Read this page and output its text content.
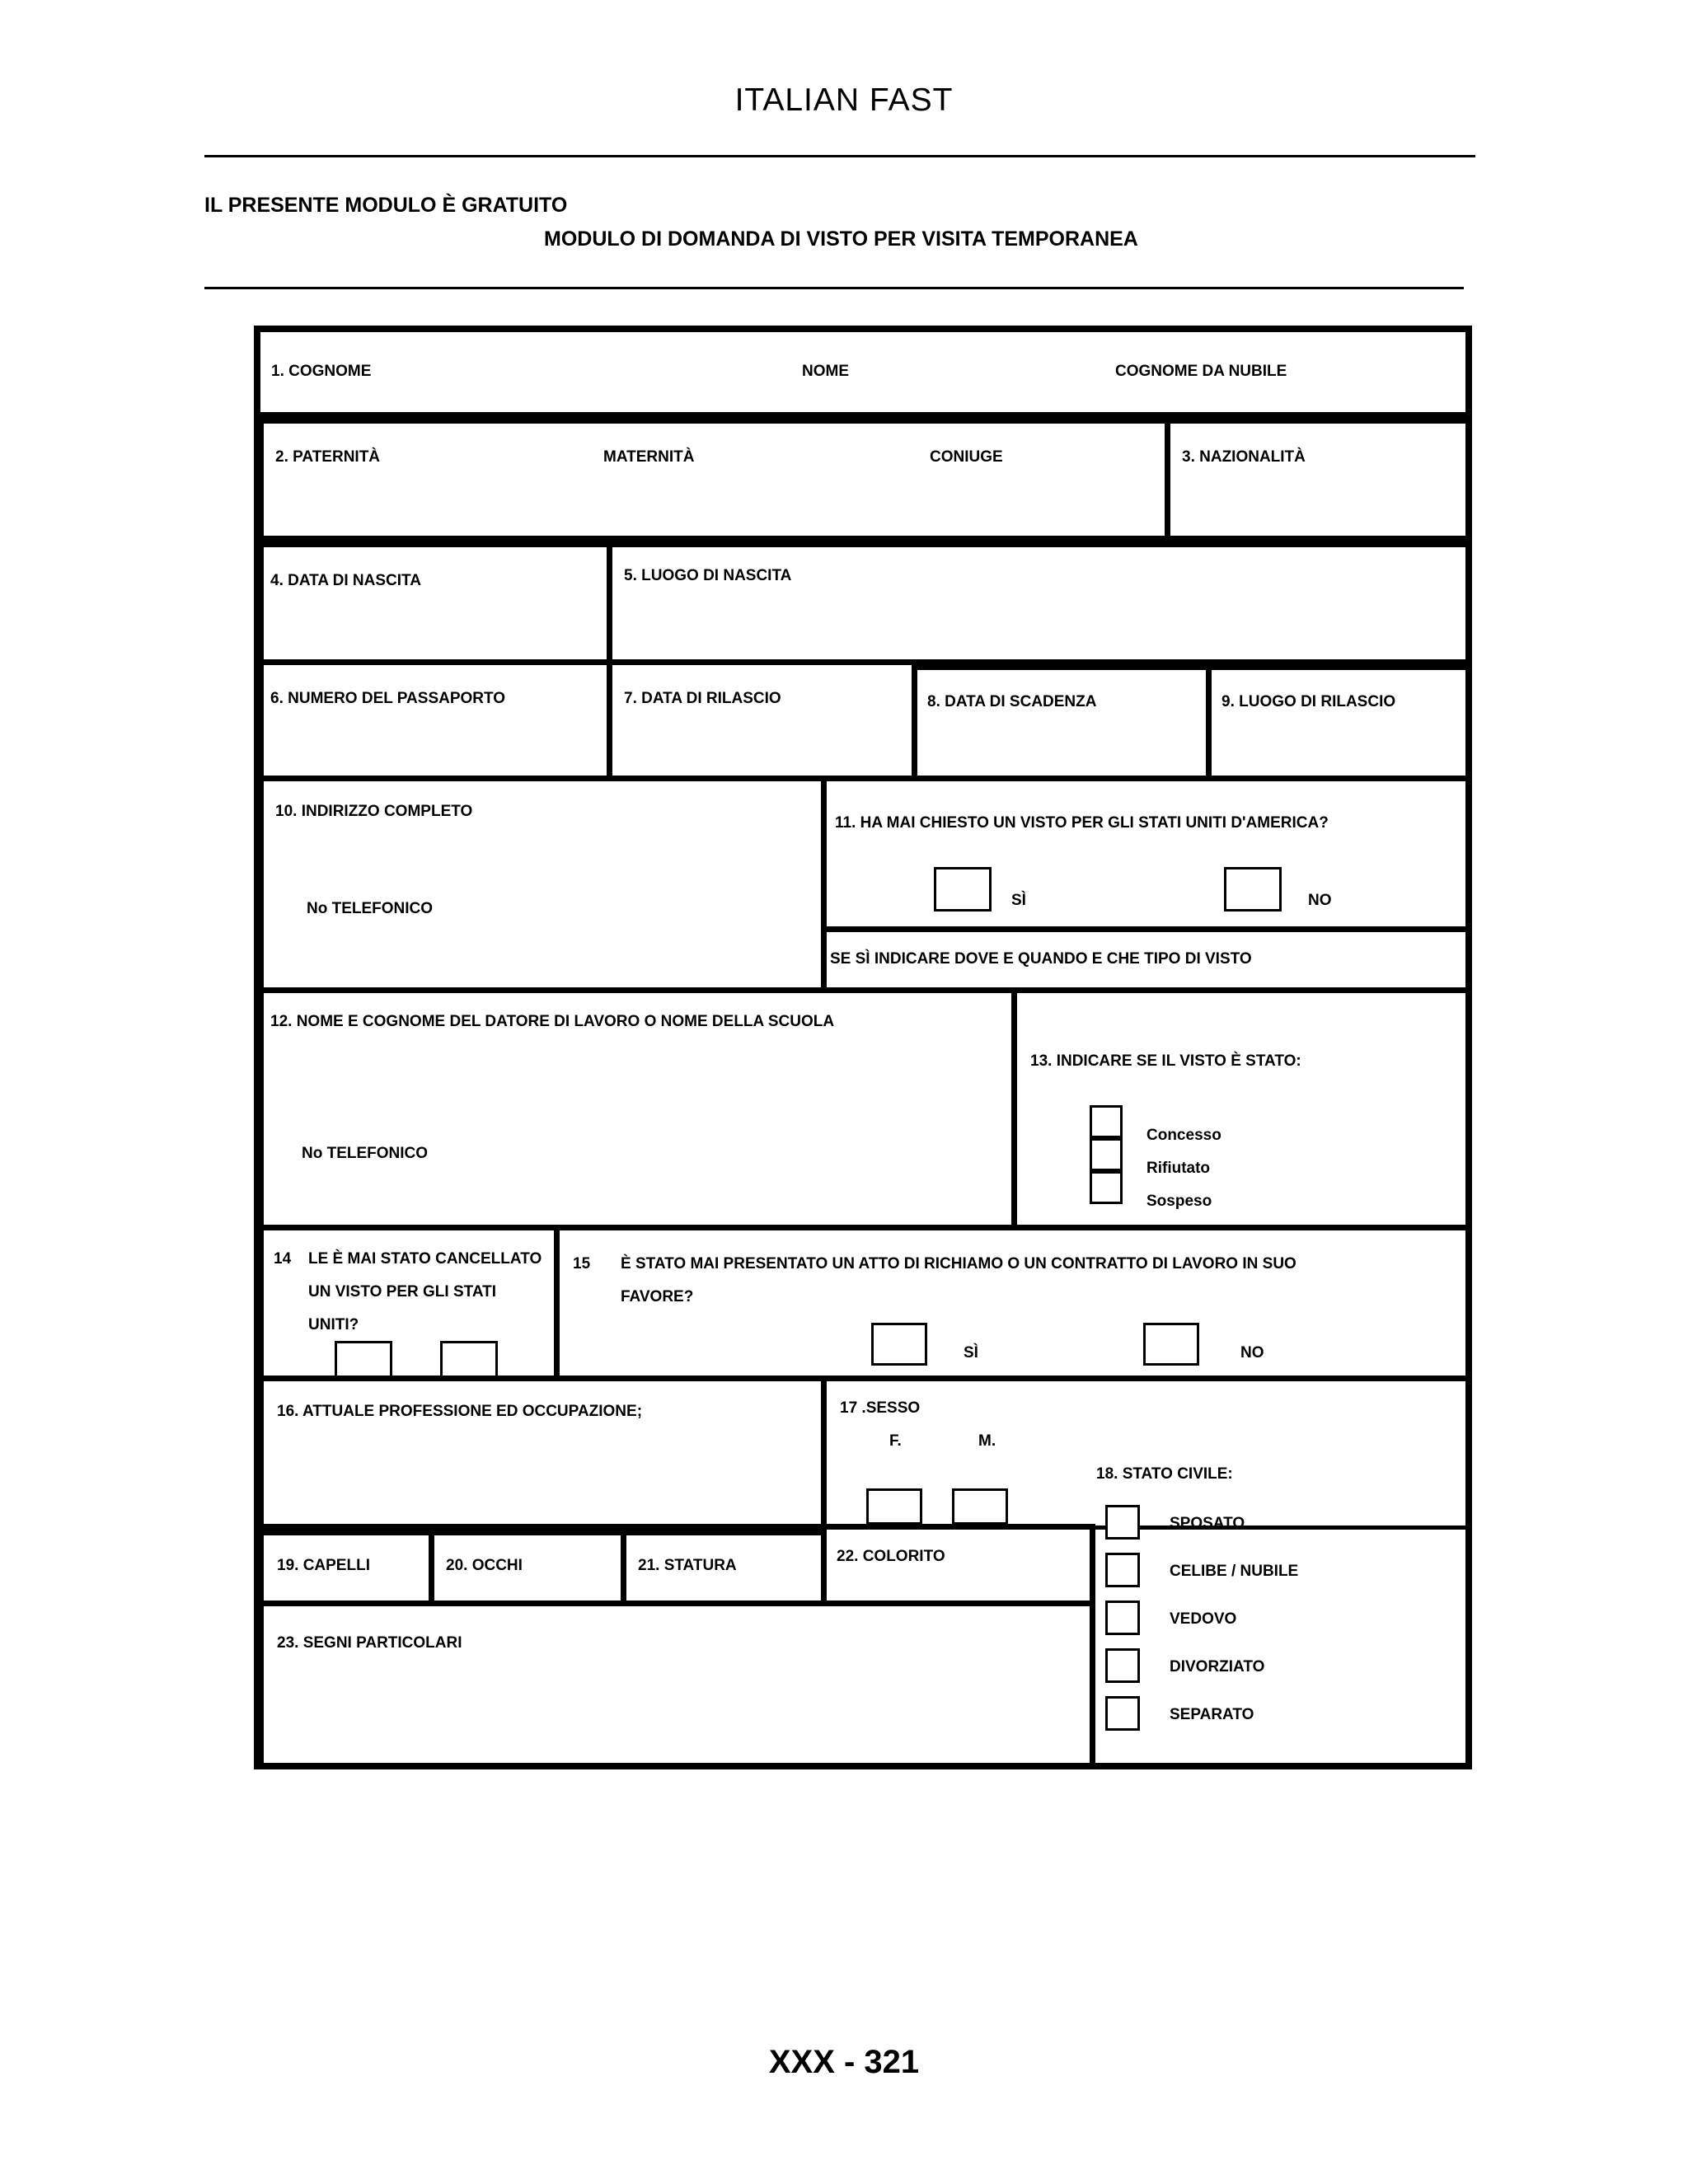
ITALIAN FAST
IL PRESENTE MODULO È GRATUITO
MODULO DI DOMANDA DI VISTO PER VISITA TEMPORANEA
1. COGNOME	NOME	COGNOME DA NUBILE
2. PATERNITÀ	MATERNITÀ	CONIUGE	3. NAZIONALITÀ
4. DATA DI NASCITA	5. LUOGO DI NASCITA
6. NUMERO DEL PASSAPORTO	7. DATA DI RILASCIO	8. DATA DI SCADENZA	9. LUOGO DI RILASCIO
10. INDIRIZZO COMPLETO
No TELEFONICO
11. HA MAI CHIESTO UN VISTO PER GLI STATI UNITI D'AMERICA?
SÌ	NO
SE SÌ INDICARE DOVE E QUANDO E CHE TIPO DI VISTO
12. NOME E COGNOME DEL DATORE DI LAVORO O NOME DELLA SCUOLA
No TELEFONICO
13. INDICARE SE IL VISTO È STATO:
Concesso
Rifiutato
Sospeso
14 LE È MAI STATO CANCELLATO
UN VISTO PER GLI STATI
UNITI?
15 È STATO MAI PRESENTATO UN ATTO DI RICHIAMO O UN CONTRATTO DI LAVORO IN SUO
FAVORE?
SÌ	NO
16. ATTUALE PROFESSIONE ED OCCUPAZIONE;	17 .SESSO
F.	M.
19. CAPELLI	20. OCCHI	21. STATURA
22. COLORITO
23. SEGNI PARTICOLARI
18. STATO CIVILE:
SPOSATO
CELIBE / NUBILE
VEDOVO
DIVORZIATO
SEPARATO
XXX - 321
